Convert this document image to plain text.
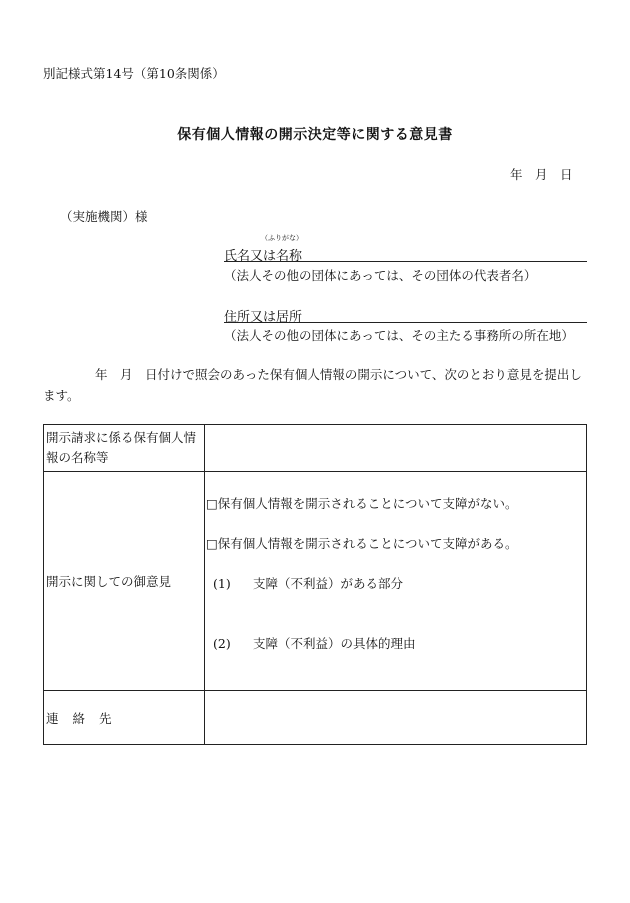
別記様式第14号（第10条関係）
保有個人情報の開示決定等に関する意見書
年　月　日
（実施機関）様
（ふりがな）
氏名又は名称
（法人その他の団体にあっては、その団体の代表者名）
住所又は居所
（法人その他の団体にあっては、その主たる事務所の所在地）
年　月　日付けで照会のあった保有個人情報の開示について、次のとおり意見を提出します。
開示請求に係る保有個人情報の名称等	
開示に関しての御意見	□保有個人情報を開示されることについて支障がない。
□保有個人情報を開示されることについて支障がある。
(1) 支障（不利益）がある部分
(2) 支障（不利益）の具体的理由

連絡先	
